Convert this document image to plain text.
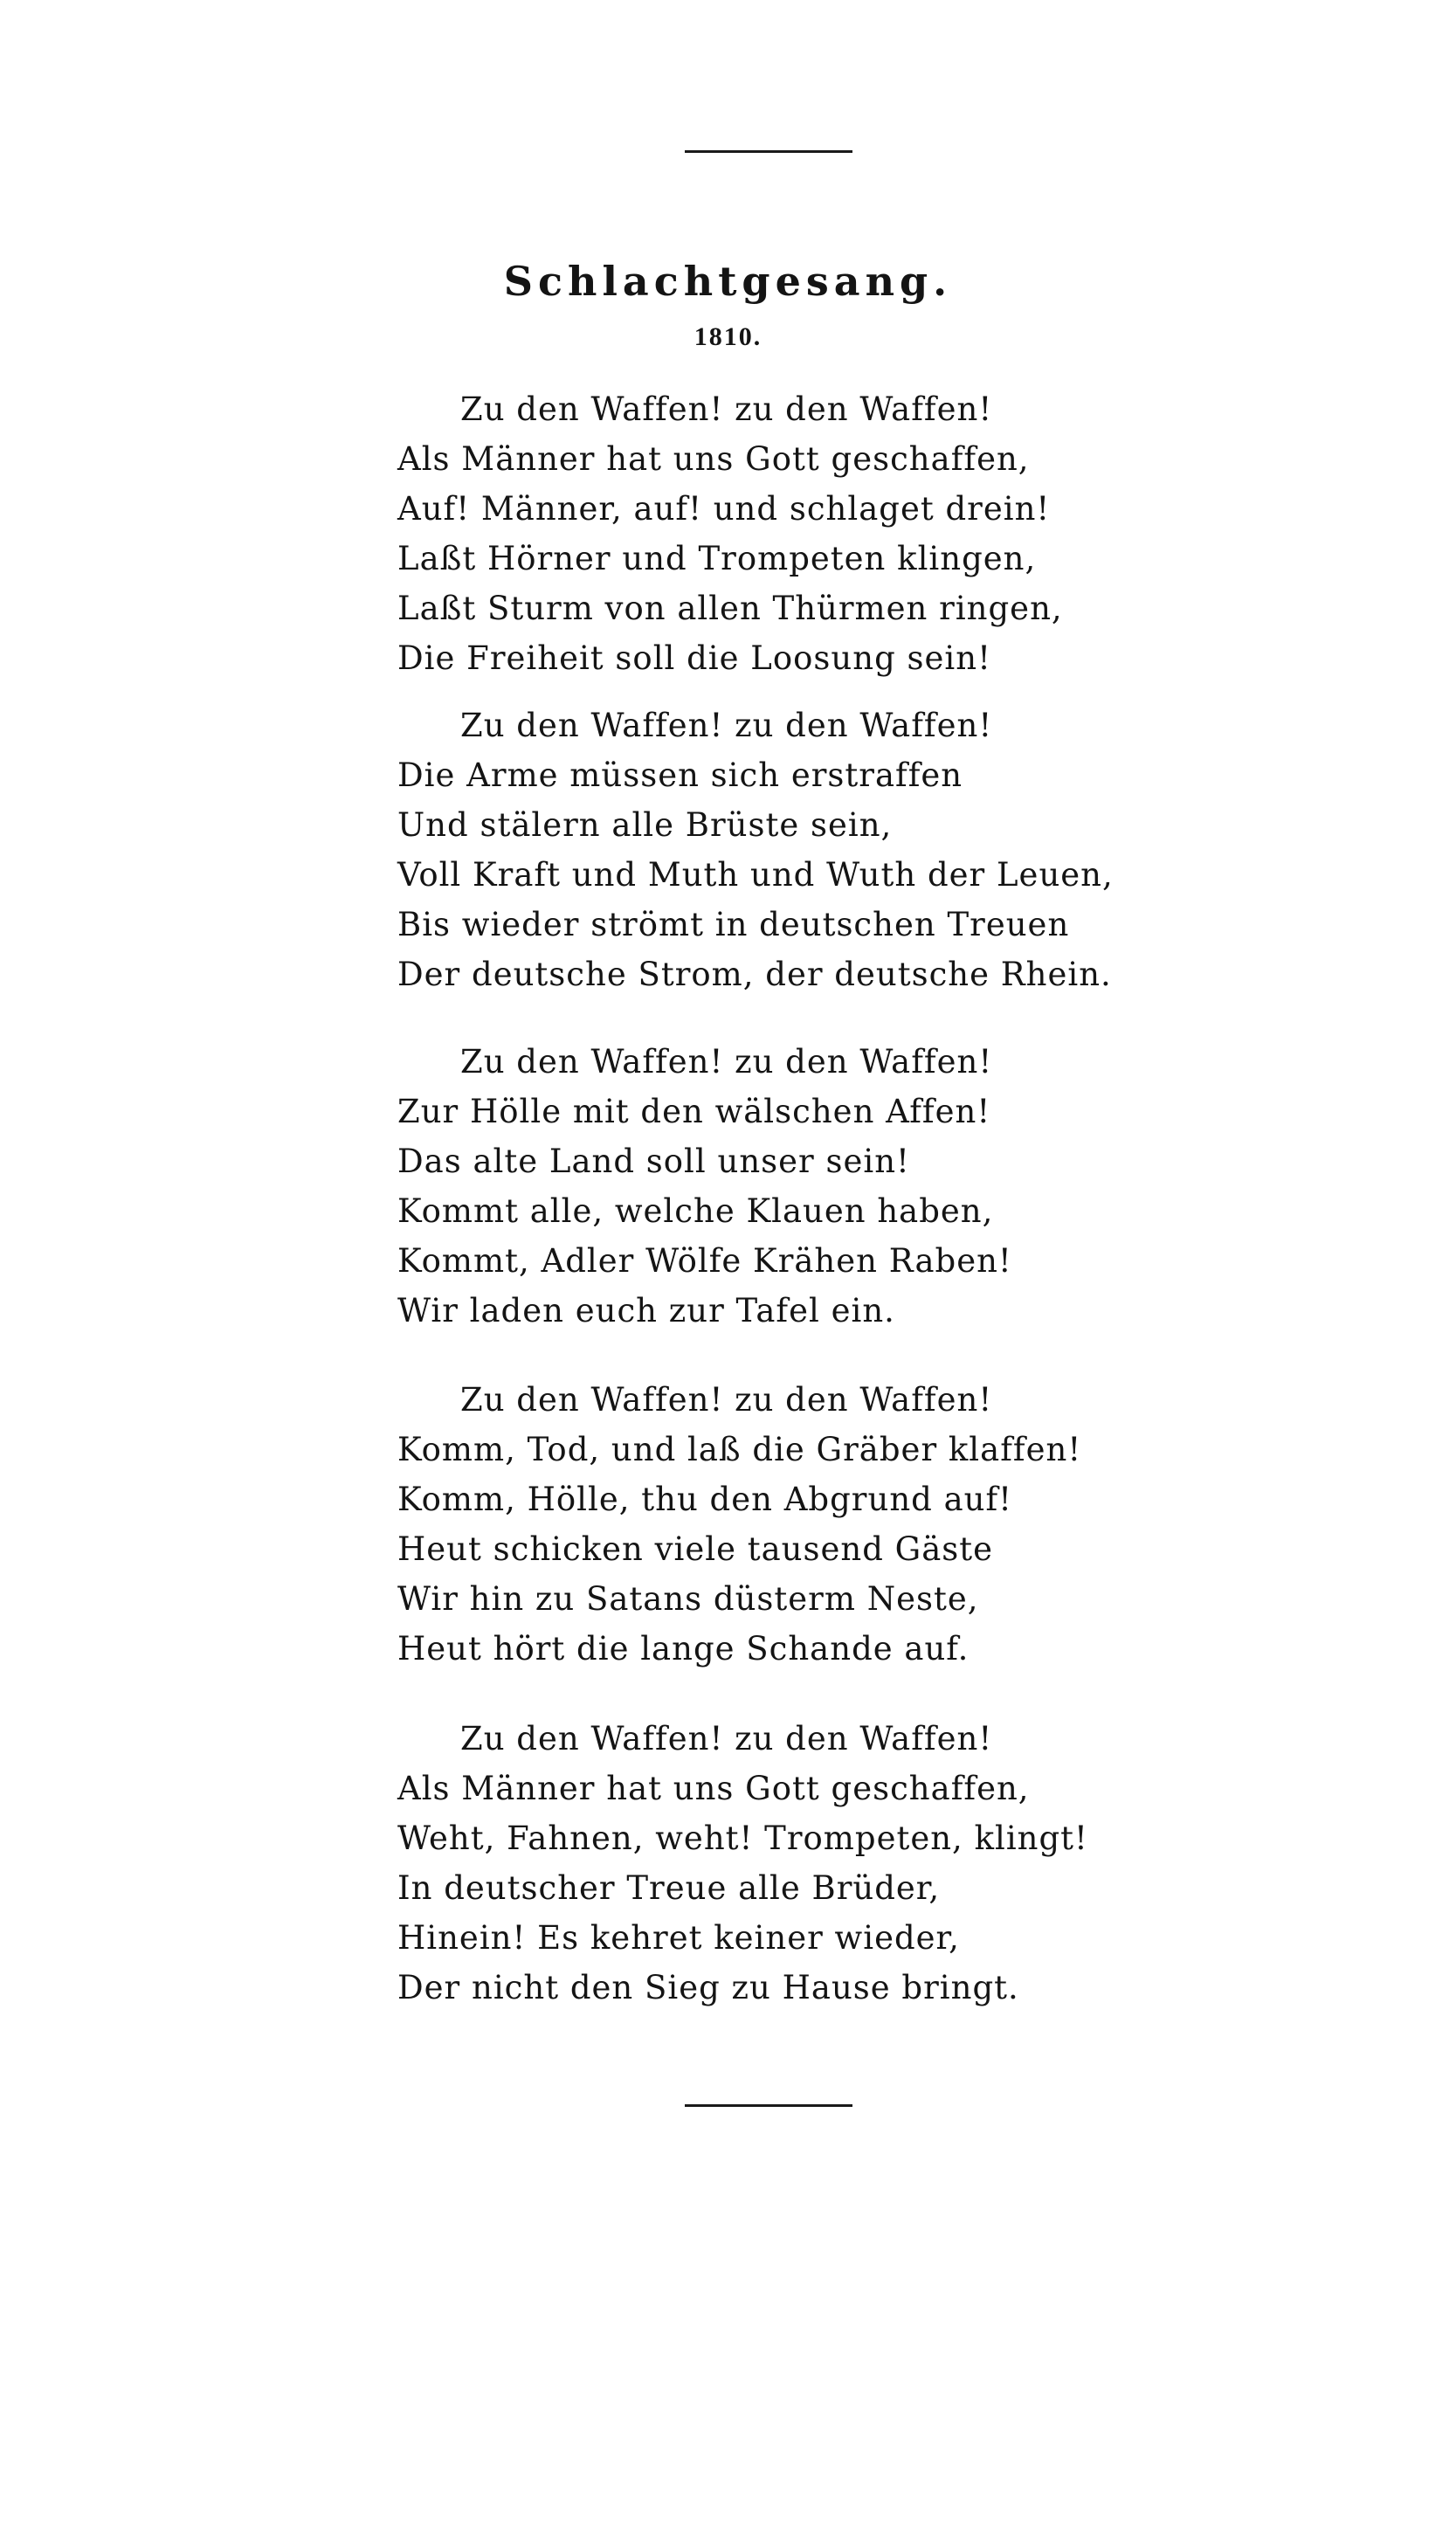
Schlachtgesang.
1810.
Zu den Waffen! zu den Waffen!
Als Männer hat uns Gott geschaffen,
Auf! Männer, auf! und schlaget drein!
Laßt Hörner und Trompeten klingen,
Laßt Sturm von allen Thürmen ringen,
Die Freiheit soll die Loosung sein!
Zu den Waffen! zu den Waffen!
Die Arme müssen sich erstraffen
Und stälern alle Brüste sein,
Voll Kraft und Muth und Wuth der Leuen,
Bis wieder strömt in deutschen Treuen
Der deutsche Strom, der deutsche Rhein.
Zu den Waffen! zu den Waffen!
Zur Hölle mit den wälschen Affen!
Das alte Land soll unser sein!
Kommt alle, welche Klauen haben,
Kommt, Adler Wölfe Krähen Raben!
Wir laden euch zur Tafel ein.
Zu den Waffen! zu den Waffen!
Komm, Tod, und laß die Gräber klaffen!
Komm, Hölle, thu den Abgrund auf!
Heut schicken viele tausend Gäste
Wir hin zu Satans düsterm Neste,
Heut hört die lange Schande auf.
Zu den Waffen! zu den Waffen!
Als Männer hat uns Gott geschaffen,
Weht, Fahnen, weht! Trompeten, klingt!
In deutscher Treue alle Brüder,
Hinein! Es kehret keiner wieder,
Der nicht den Sieg zu Hause bringt.
